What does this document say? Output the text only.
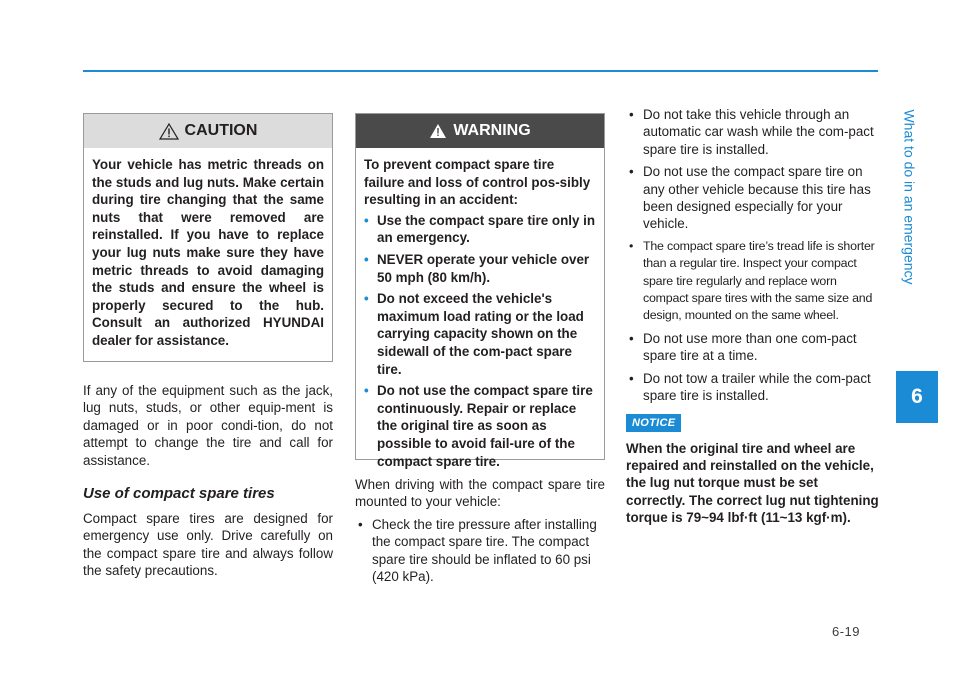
What to do in an emergency
6
CAUTION
Your vehicle has metric threads on the studs and lug nuts. Make certain during tire changing that the same nuts that were removed are reinstalled. If you have to replace your lug nuts make sure they have metric threads to avoid damaging the studs and ensure the wheel is properly secured to the hub. Consult an authorized HYUNDAI dealer for assistance.

If any of the equipment such as the jack, lug nuts, studs, or other equip-ment is damaged or in poor condi-tion, do not attempt to change the tire and call for assistance.

Use of compact spare tires

Compact spare tires are designed for emergency use only. Drive carefully on the compact spare tire and always follow the safety precautions.

WARNING

To prevent compact spare tire failure and loss of control pos-sibly resulting in an accident:

• Use the compact spare tire only in an emergency.
• NEVER operate your vehicle over 50 mph (80 km/h).
• Do not exceed the vehicle's maximum load rating or the load carrying capacity shown on the sidewall of the com-pact spare tire.
• Do not use the compact spare tire continuously. Repair or replace the original tire as soon as possible to avoid fail-ure of the compact spare tire.

When driving with the compact spare tire mounted to your vehicle:

• Check the tire pressure after installing the compact spare tire. The compact spare tire should be inflated to 60 psi (420 kPa).
• Do not take this vehicle through an automatic car wash while the com-pact spare tire is installed.
• Do not use the compact spare tire on any other vehicle because this tire has been designed especially for your vehicle.
• The compact spare tire’s tread life is shorter than a regular tire. Inspect your compact spare tire regularly and replace worn compact spare tires with the same size and design, mounted on the same wheel.
• Do not use more than one com-pact spare tire at a time.
• Do not tow a trailer while the com-pact spare tire is installed.
NOTICE

When the original tire and wheel are repaired and reinstalled on the vehicle, the lug nut torque must be set correctly. The correct lug nut tightening torque is 79~94 lbf·ft (11~13 kgf·m).

6-19
